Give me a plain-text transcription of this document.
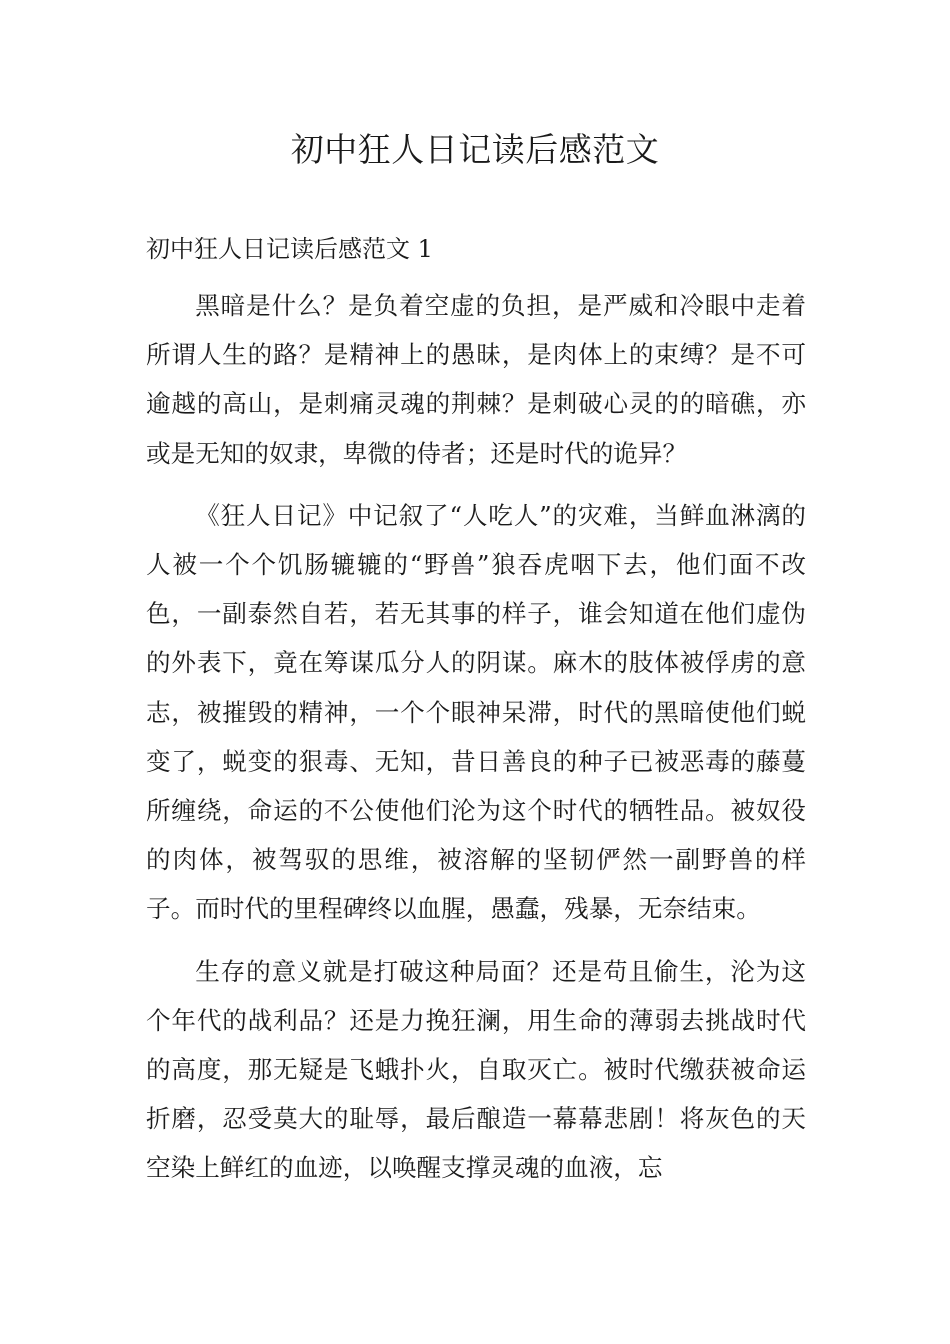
初中狂人日记读后感范文
初中狂人日记读后感范文 1

黑暗是什么？是负着空虚的负担，是严威和冷眼中走着所谓人生的路？是精神上的愚昧，是肉体上的束缚？是不可逾越的高山，是刺痛灵魂的荆棘？是刺破心灵的的暗礁，亦或是无知的奴隶，卑微的侍者；还是时代的诡异？

《狂人日记》中记叙了“人吃人”的灾难，当鲜血淋漓的人被一个个饥肠辘辘的“野兽”狼吞虎咽下去，他们面不改色，一副泰然自若，若无其事的样子，谁会知道在他们虚伪的外表下，竟在筹谋瓜分人的阴谋。麻木的肢体被俘虏的意志，被摧毁的精神，一个个眼神呆滞，时代的黑暗使他们蜕变了，蜕变的狠毒、无知，昔日善良的种子已被恶毒的藤蔓所缠绕，命运的不公使他们沦为这个时代的牺牲品。被奴役的肉体，被驾驭的思维，被溶解的坚韧俨然一副野兽的样子。而时代的里程碑终以血腥，愚蠢，残暴，无奈结束。

生存的意义就是打破这种局面？还是苟且偷生，沦为这个年代的战利品？还是力挽狂澜，用生命的薄弱去挑战时代的高度，那无疑是飞蛾扑火，自取灭亡。被时代缴获被命运折磨，忍受莫大的耻辱，最后酿造一幕幕悲剧！将灰色的天空染上鲜红的血迹，以唤醒支撑灵魂的血液，忘
